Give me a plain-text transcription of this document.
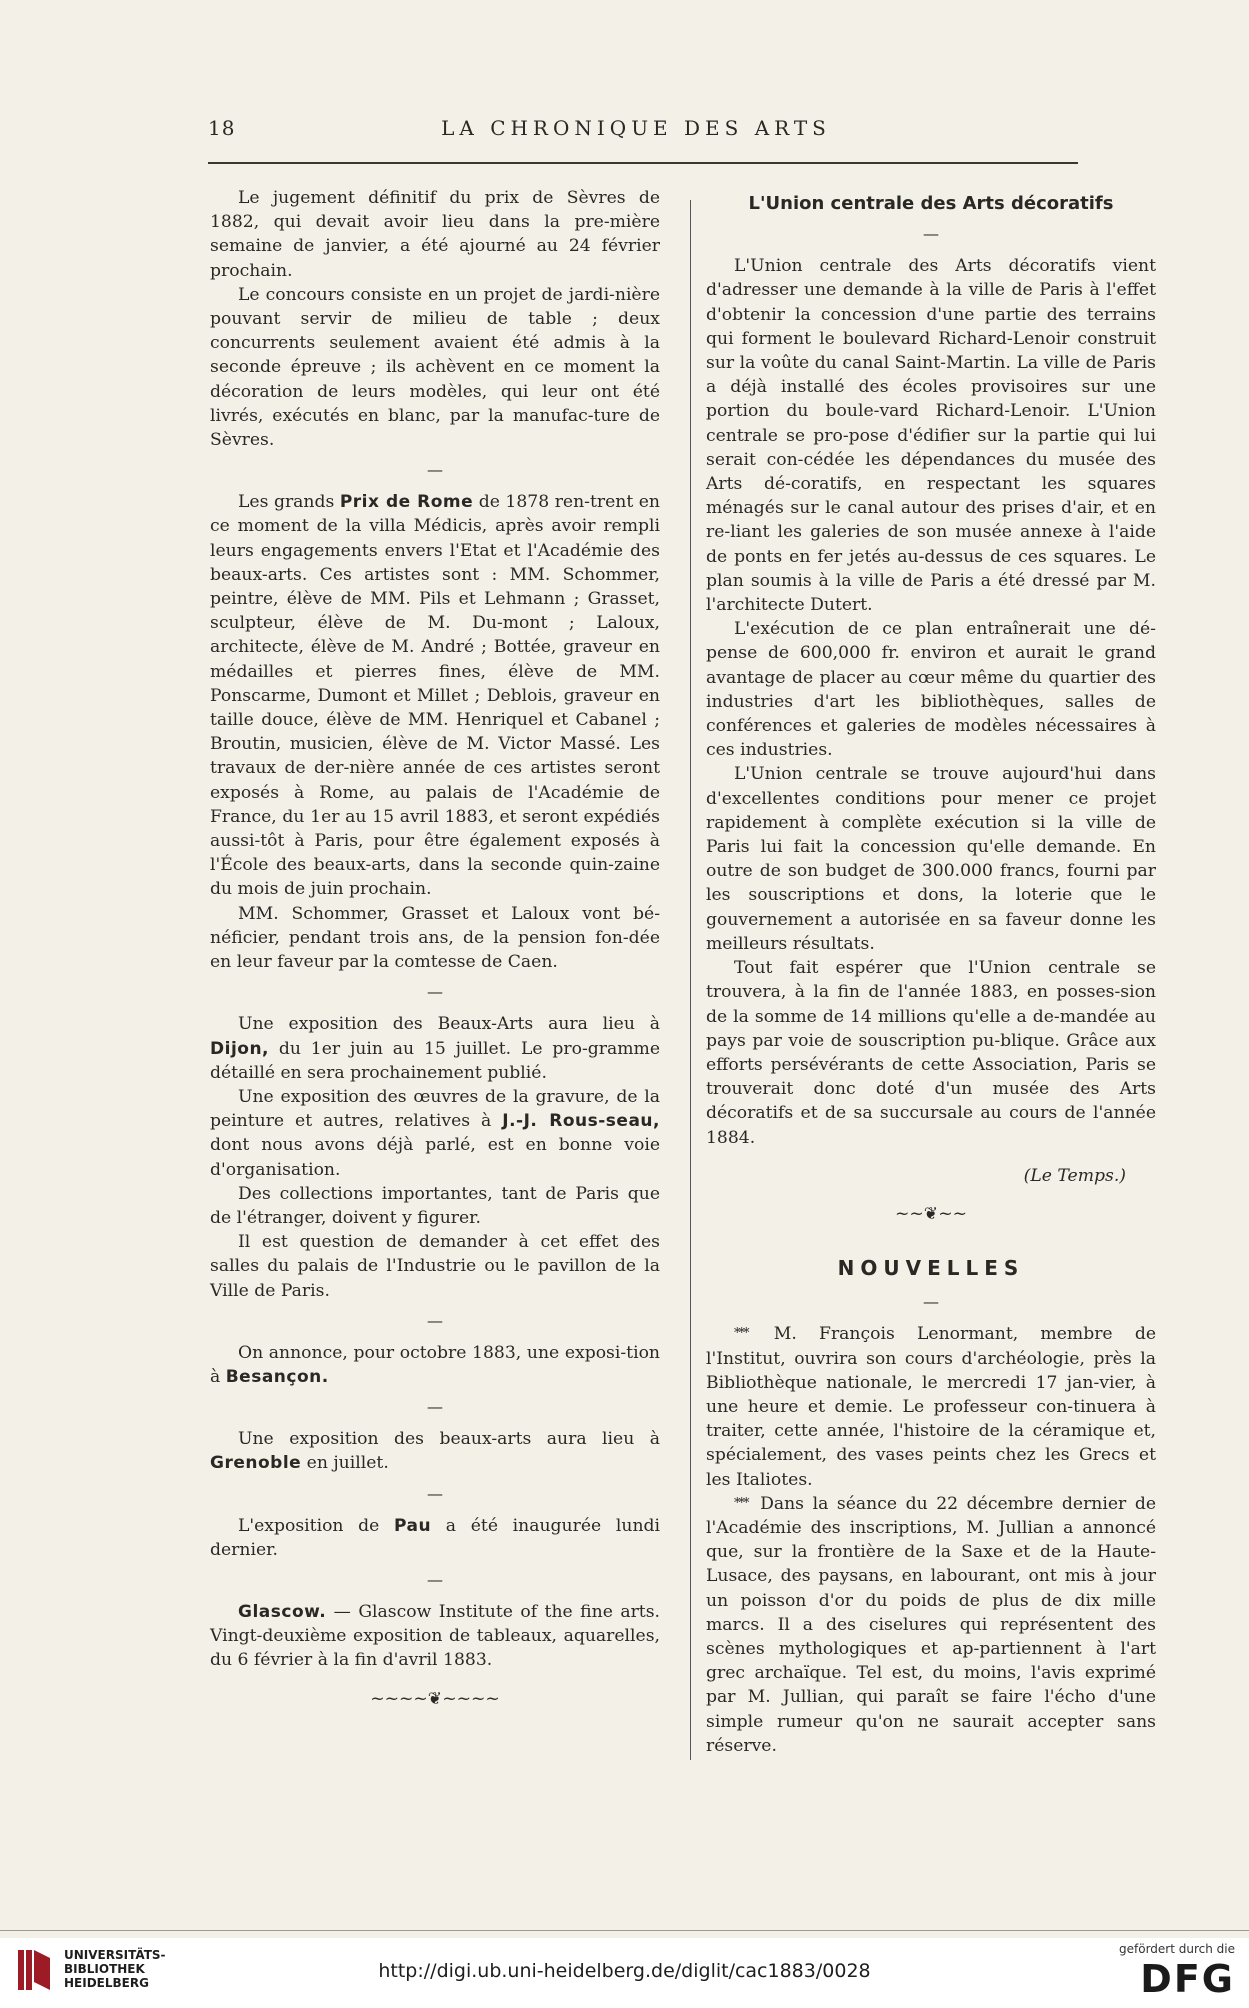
18	LA CHRONIQUE DES ARTS

Le jugement définitif du prix de Sèvres de 1882, qui devait avoir lieu dans la pre-mière semaine de janvier, a été ajourné au 24 février prochain.

Le concours consiste en un projet de jardi-nière pouvant servir de milieu de table ; deux concurrents seulement avaient été admis à la seconde épreuve ; ils achèvent en ce moment la décoration de leurs modèles, qui leur ont été livrés, exécutés en blanc, par la manufac-ture de Sèvres.

—

Les grands Prix de Rome de 1878 ren-trent en ce moment de la villa Médicis, après avoir rempli leurs engagements envers l'Etat et l'Académie des beaux-arts. Ces artistes sont : MM. Schommer, peintre, élève de MM. Pils et Lehmann ; Grasset, sculpteur, élève de M. Du-mont ; Laloux, architecte, élève de M. André ; Bottée, graveur en médailles et pierres fines, élève de MM. Ponscarme, Dumont et Millet ; Deblois, graveur en taille douce, élève de MM. Henriquel et Cabanel ; Broutin, musicien, élève de M. Victor Massé. Les travaux de der-nière année de ces artistes seront exposés à Rome, au palais de l'Académie de France, du 1er au 15 avril 1883, et seront expédiés aussi-tôt à Paris, pour être également exposés à l'École des beaux-arts, dans la seconde quin-zaine du mois de juin prochain.

MM. Schommer, Grasset et Laloux vont bé-néficier, pendant trois ans, de la pension fon-dée en leur faveur par la comtesse de Caen.

—

Une exposition des Beaux-Arts aura lieu à Dijon, du 1er juin au 15 juillet. Le pro-gramme détaillé en sera prochainement publié.

Une exposition des œuvres de la gravure, de la peinture et autres, relatives à J.-J. Rous-seau, dont nous avons déjà parlé, est en bonne voie d'organisation.

Des collections importantes, tant de Paris que de l'étranger, doivent y figurer.

Il est question de demander à cet effet des salles du palais de l'Industrie ou le pavillon de la Ville de Paris.

—

On annonce, pour octobre 1883, une exposi-tion à Besançon.

—

Une exposition des beaux-arts aura lieu à Grenoble en juillet.

—

L'exposition de Pau a été inaugurée lundi dernier.

—

Glascow. — Glascow Institute of the fine arts. Vingt-deuxième exposition de tableaux, aquarelles, du 6 février à la fin d'avril 1883.

~~~~❦~~~~
L'Union centrale des Arts décoratifs
—

L'Union centrale des Arts décoratifs vient d'adresser une demande à la ville de Paris à l'effet d'obtenir la concession d'une partie des terrains qui forment le boulevard Richard-Lenoir construit sur la voûte du canal Saint-Martin. La ville de Paris a déjà installé des écoles provisoires sur une portion du boule-vard Richard-Lenoir. L'Union centrale se pro-pose d'édifier sur la partie qui lui serait con-cédée les dépendances du musée des Arts dé-coratifs, en respectant les squares ménagés sur le canal autour des prises d'air, et en re-liant les galeries de son musée annexe à l'aide de ponts en fer jetés au-dessus de ces squares. Le plan soumis à la ville de Paris a été dressé par M. l'architecte Dutert.

L'exécution de ce plan entraînerait une dé-pense de 600,000 fr. environ et aurait le grand avantage de placer au cœur même du quartier des industries d'art les bibliothèques, salles de conférences et galeries de modèles nécessaires à ces industries.

L'Union centrale se trouve aujourd'hui dans d'excellentes conditions pour mener ce projet rapidement à complète exécution si la ville de Paris lui fait la concession qu'elle demande. En outre de son budget de 300.000 francs, fourni par les souscriptions et dons, la loterie que le gouvernement a autorisée en sa faveur donne les meilleurs résultats.

Tout fait espérer que l'Union centrale se trouvera, à la fin de l'année 1883, en posses-sion de la somme de 14 millions qu'elle a de-mandée au pays par voie de souscription pu-blique. Grâce aux efforts persévérants de cette Association, Paris se trouverait donc doté d'un musée des Arts décoratifs et de sa succursale au cours de l'année 1884.

(Le Temps.)
~~❦~~
NOUVELLES
—

*** M. François Lenormant, membre de l'Institut, ouvrira son cours d'archéologie, près la Bibliothèque nationale, le mercredi 17 jan-vier, à une heure et demie. Le professeur con-tinuera à traiter, cette année, l'histoire de la céramique et, spécialement, des vases peints chez les Grecs et les Italiotes.

*** Dans la séance du 22 décembre dernier de l'Académie des inscriptions, M. Jullian a annoncé que, sur la frontière de la Saxe et de la Haute-Lusace, des paysans, en labourant, ont mis à jour un poisson d'or du poids de plus de dix mille marcs. Il a des ciselures qui représentent des scènes mythologiques et ap-partiennent à l'art grec archaïque. Tel est, du moins, l'avis exprimé par M. Jullian, qui paraît se faire l'écho d'une simple rumeur qu'on ne saurait accepter sans réserve.

UNIVERSITÄTS-
BIBLIOTHEK
HEIDELBERG
http://digi.ub.uni-heidelberg.de/diglit/cac1883/0028
gefördert durch die
DFG
